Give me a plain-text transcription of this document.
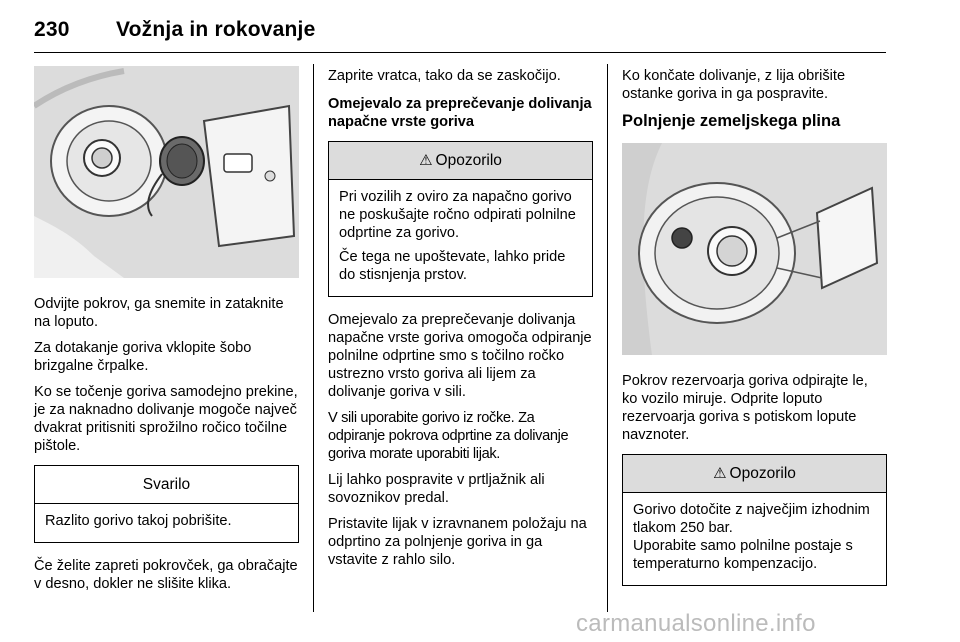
230 Vožnja in rokovanje

Odvijte pokrov, ga snemite in zataknite na loputo.

Za dotakanje goriva vklopite šobo brizgalne črpalke.

Ko se točenje goriva samodejno prekine, je za naknadno dolivanje mogoče največ dvakrat pritisniti sprožilno ročico točilne pištole.

Svarilo

Razlito gorivo takoj pobrišite.

Če želite zapreti pokrovček, ga obračajte v desno, dokler ne slišite klika.

Zaprite vratca, tako da se zaskočijo.

Omejevalo za preprečevanje dolivanja napačne vrste goriva

⚠ Opozorilo

Pri vozilih z oviro za napačno gorivo ne poskušajte ročno odpirati polnilne odprtine za gorivo.

Če tega ne upoštevate, lahko pride do stisnjenja prstov.

Omejevalo za preprečevanje dolivanja napačne vrste goriva omogoča odpiranje polnilne odprtine smo s točilno ročko ustrezno vrsto goriva ali lijem za dolivanje goriva v sili.

V sili uporabite gorivo iz ročke. Za odpiranje pokrova odprtine za dolivanje goriva morate uporabiti lijak.

Lij lahko pospravite v prtljažnik ali sovoznikov predal.

Pristavite lijak v izravnanem položaju na odprtino za polnjenje goriva in ga vstavite z rahlo silo.

Ko končate dolivanje, z lija obrišite ostanke goriva in ga pospravite.

Polnjenje zemeljskega plina

Pokrov rezervoarja goriva odpirajte le, ko vozilo miruje. Odprite loputo rezervoarja goriva s potiskom lopute navznoter.

⚠ Opozorilo

Gorivo dotočite z največjim izhodnim tlakom 250 bar.

Uporabite samo polnilne postaje s temperaturno kompenzacijo.

carmanualsonline.info
